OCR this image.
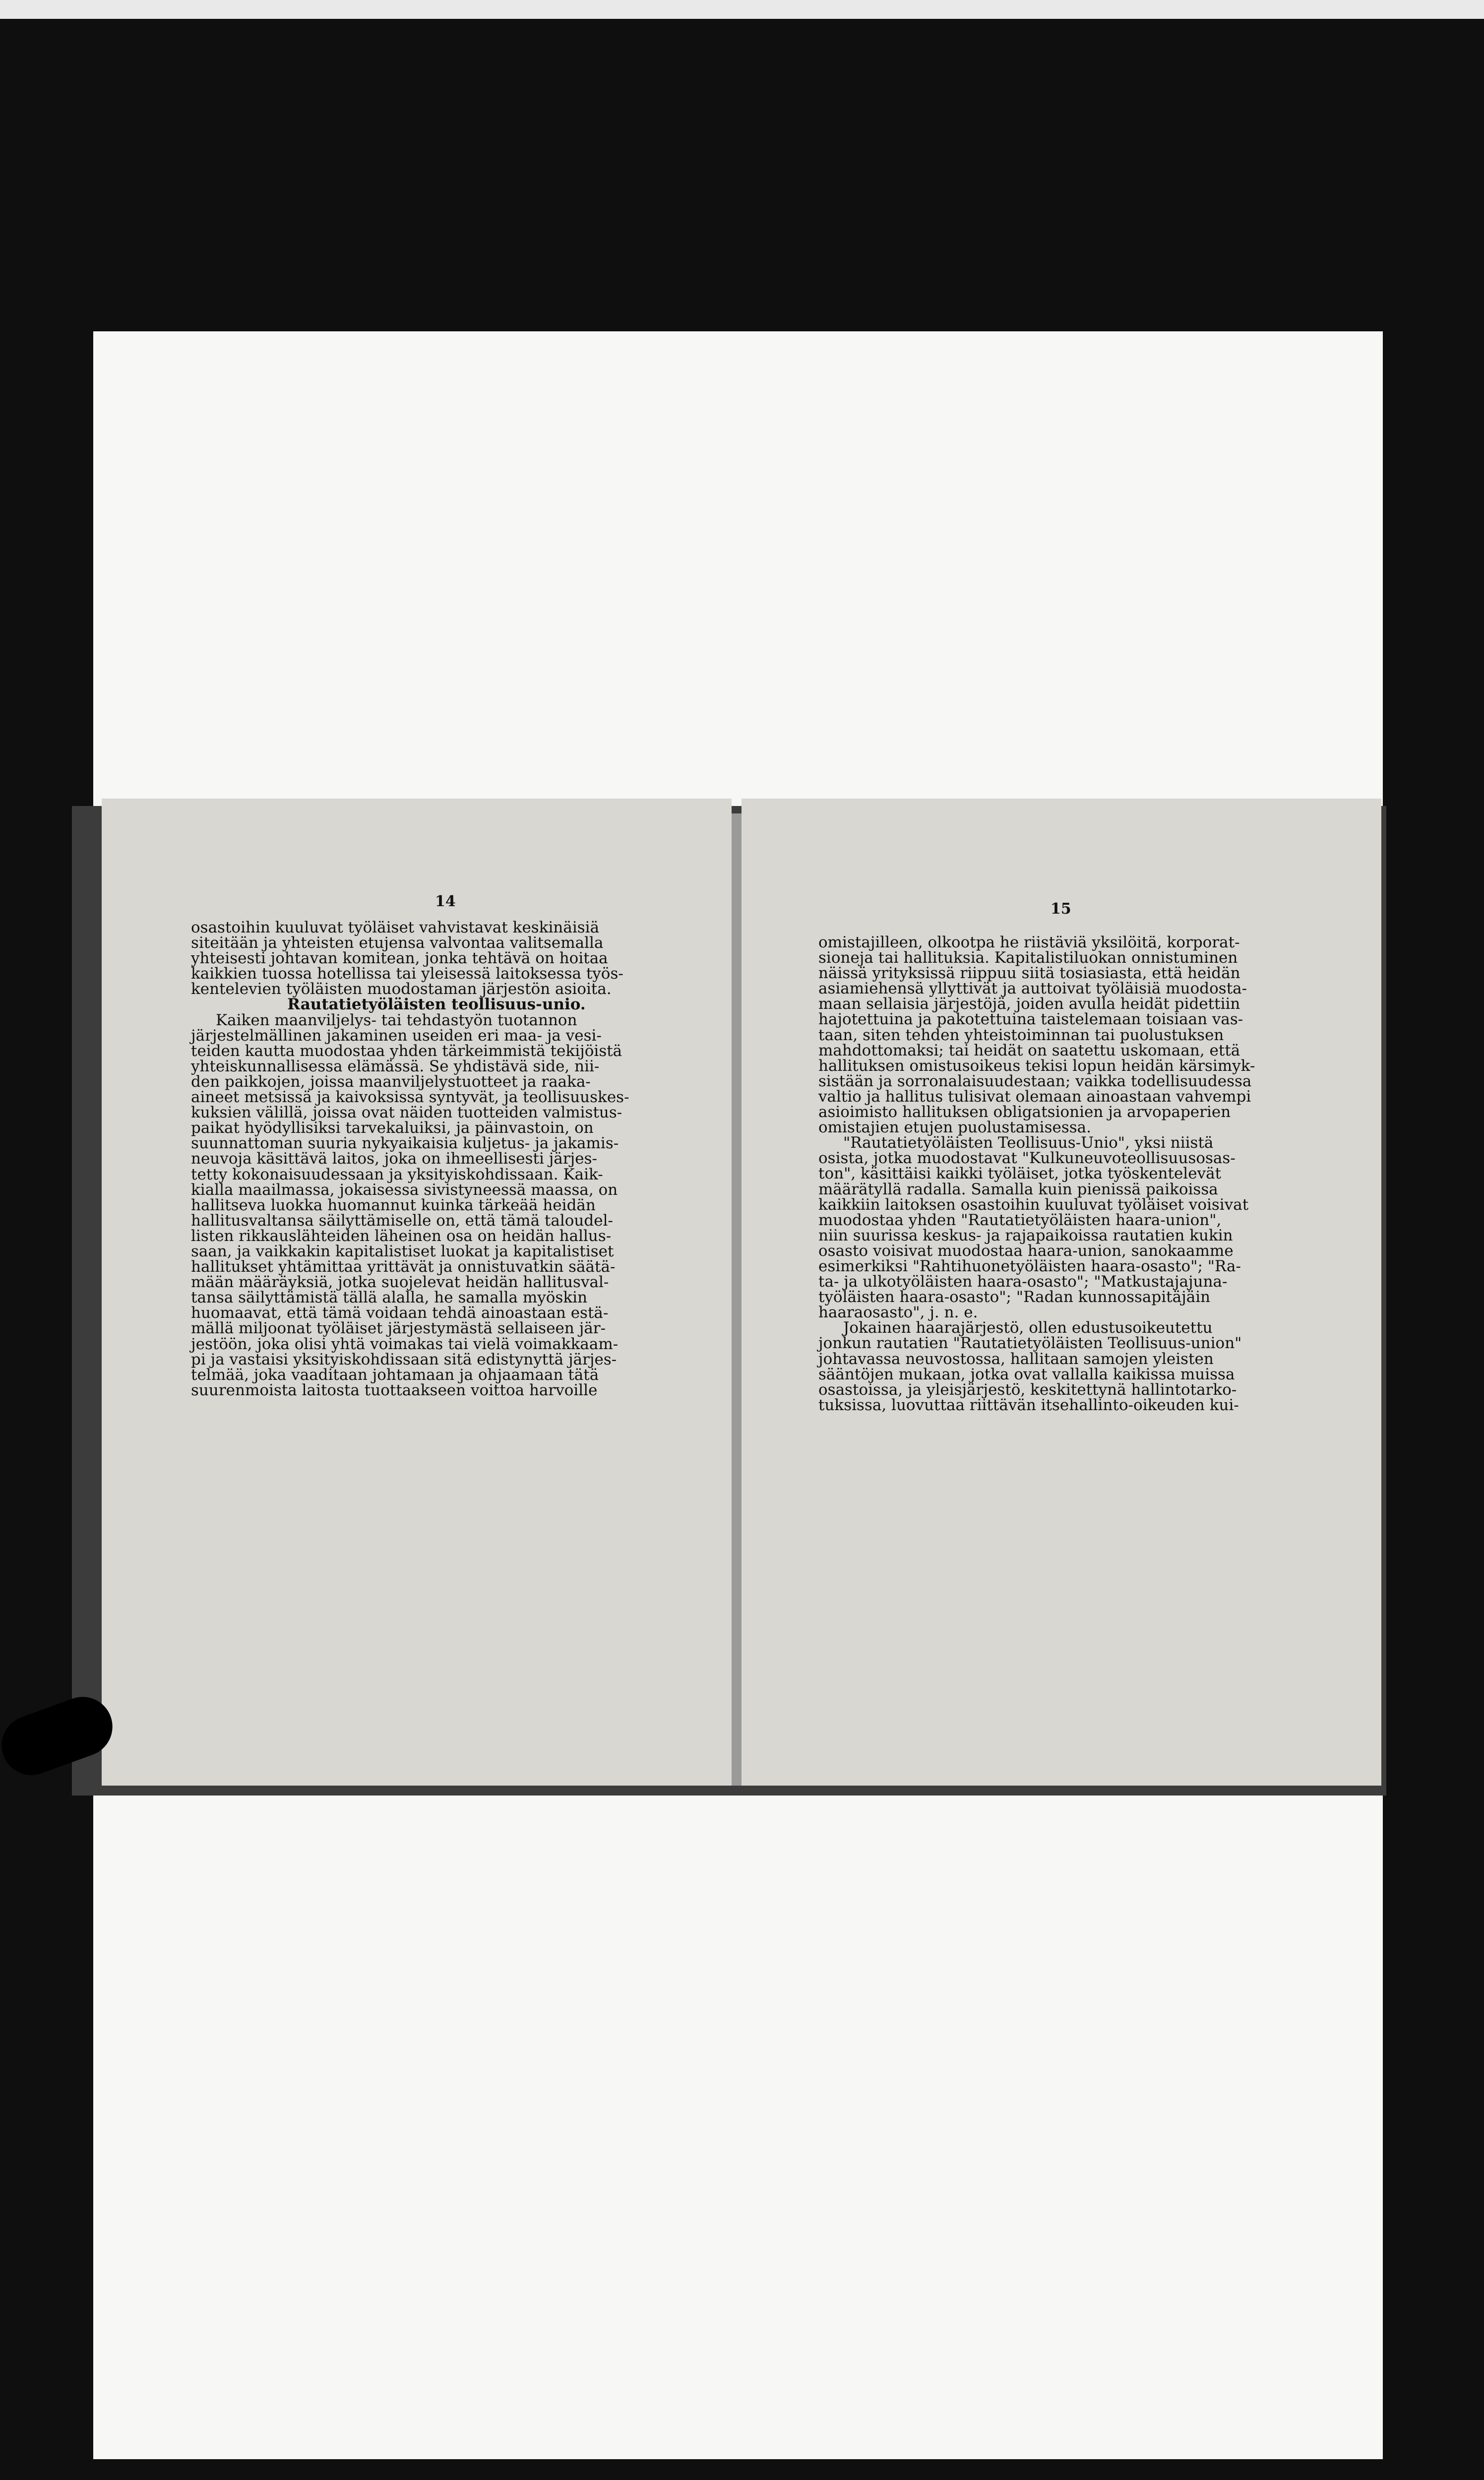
14	15
osastoihin kuuluvat työläiset vahvistavat keskinäisiä
siteitään ja yhteisten etujensa valvontaa valitsemalla
yhteisesti johtavan komitean, jonka tehtävä on hoitaa
kaikkien tuossa hotellissa tai yleisessä laitoksessa työs-
kentelevien työläisten muodostaman järjestön asioita.

Rautatietyöläisten teollisuus-unio.

Kaiken maanviljelys- tai tehdastyön tuotannon
järjestelmällinen jakaminen useiden eri maa- ja vesi-
teiden kautta muodostaa yhden tärkeimmistä tekijöistä
yhteiskunnallisessa elämässä. Se yhdistävä side, nii-
den paikkojen, joissa maanviljelystuotteet ja raaka-
aineet metsissä ja kaivoksissa syntyvät, ja teollisuuskes-
kuksien välillä, joissa ovat näiden tuotteiden valmistus-
paikat hyödyllisiksi tarvekaluiksi, ja päinvastoin, on
suunnattoman suuria nykyaikaisia kuljetus- ja jakamis-
neuvoja käsittävä laitos, joka on ihmeellisesti järjes-
tetty kokonaisuudessaan ja yksityiskohdissaan. Kaik-
kialla maailmassa, jokaisessa sivistyneessä maassa, on
hallitseva luokka huomannut kuinka tärkeää heidän
hallitusvaltansa säilyttämiselle on, että tämä taloudel-
listen rikkauslähteiden läheinen osa on heidän hallus-
saan, ja vaikkakin kapitalistiset luokat ja kapitalistiset
hallitukset yhtämittaa yrittävät ja onnistuvatkin säätä-
mään määräyksiä, jotka suojelevat heidän hallitusval-
tansa säilyttämistä tällä alalla, he samalla myöskin
huomaavat, että tämä voidaan tehdä ainoastaan estä-
mällä miljoonat työläiset järjestymästä sellaiseen jär-
jestöön, joka olisi yhtä voimakas tai vielä voimakkaam-
pi ja vastaisi yksityiskohdissaan sitä edistynyttä järjes-
telmää, joka vaaditaan johtamaan ja ohjaamaan tätä
suurenmoista laitosta tuottaakseen voittoa harvoille
omistajilleen, olkootpa he riistäviä yksilöitä, korporat-
sioneja tai hallituksia. Kapitalistiluokan onnistuminen
näissä yrityksissä riippuu siitä tosiasiasta, että heidän
asiamiehensä yllyttivät ja auttoivat työläisiä muodosta-
maan sellaisia järjestöjä, joiden avulla heidät pidettiin
hajotettuina ja pakotettuina taistelemaan toisiaan vas-
taan, siten tehden yhteistoiminnan tai puolustuksen
mahdottomaksi; tai heidät on saatettu uskomaan, että
hallituksen omistusoikeus tekisi lopun heidän kärsimyk-
sistään ja sorronalaisuudestaan; vaikka todellisuudessa
valtio ja hallitus tulisivat olemaan ainoastaan vahvempi
asioimisto hallituksen obligatsionien ja arvopaperien
omistajien etujen puolustamisessa.
"Rautatietyöläisten Teollisuus-Unio", yksi niistä
osista, jotka muodostavat "Kulkuneuvoteollisuusosas-
ton", käsittäisi kaikki työläiset, jotka työskentelevät
määrätyllä radalla. Samalla kuin pienissä paikoissa
kaikkiin laitoksen osastoihin kuuluvat työläiset voisivat
muodostaa yhden "Rautatietyöläisten haara-union",
niin suurissa keskus- ja rajapaikoissa rautatien kukin
osasto voisivat muodostaa haara-union, sanokaamme
esimerkiksi "Rahtihuonetyöläisten haara-osasto"; "Ra-
ta- ja ulkotyöläisten haara-osasto"; "Matkustajajuna-
työläisten haara-osasto"; "Radan kunnossapitäjäin
haaraosasto", j. n. e.
Jokainen haarajärjestö, ollen edustusoikeutettu
jonkun rautatien "Rautatietyöläisten Teollisuus-union"
johtavassa neuvostossa, hallitaan samojen yleisten
sääntöjen mukaan, jotka ovat vallalla kaikissa muissa
osastoissa, ja yleisjärjestö, keskitettynä hallintotarko-
tuksissa, luovuttaa riittävän itsehallinto-oikeuden kui-
